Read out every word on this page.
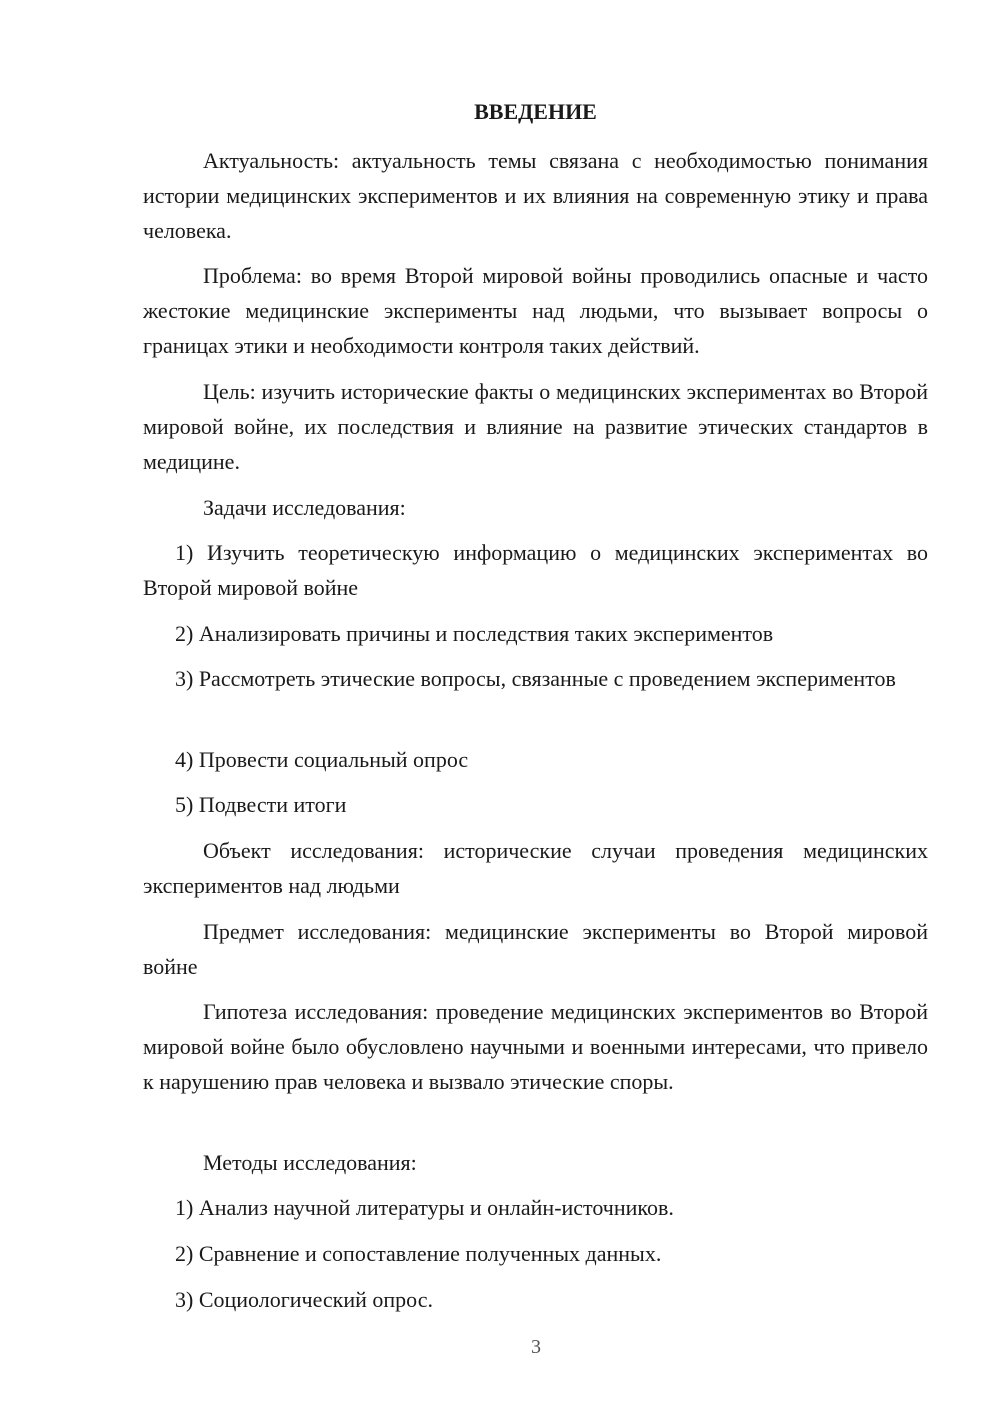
ВВЕДЕНИЕ

Актуальность: актуальность темы связана с необходимостью понимания истории медицинских экспериментов и их влияния на современную этику и права человека.

Проблема: во время Второй мировой войны проводились опасные и часто жестокие медицинские эксперименты над людьми, что вызывает вопросы о границах этики и необходимости контроля таких действий.

Цель: изучить исторические факты о медицинских экспериментах во Второй мировой войне, их последствия и влияние на развитие этических стандартов в медицине.

Задачи исследования:

1) Изучить теоретическую информацию о медицинских экспериментах во Второй мировой войне

2) Анализировать причины и последствия таких экспериментов

3) Рассмотреть этические вопросы, связанные с проведением экспериментов

4) Провести социальный опрос

5) Подвести итоги

Объект исследования: исторические случаи проведения медицинских экспериментов над людьми

Предмет исследования: медицинские эксперименты во Второй мировой войне

Гипотеза исследования: проведение медицинских экспериментов во Второй мировой войне было обусловлено научными и военными интересами, что привело к нарушению прав человека и вызвало этические споры.

Методы исследования:

1) Анализ научной литературы и онлайн-источников.

2) Сравнение и сопоставление полученных данных.

3) Социологический опрос.

3
